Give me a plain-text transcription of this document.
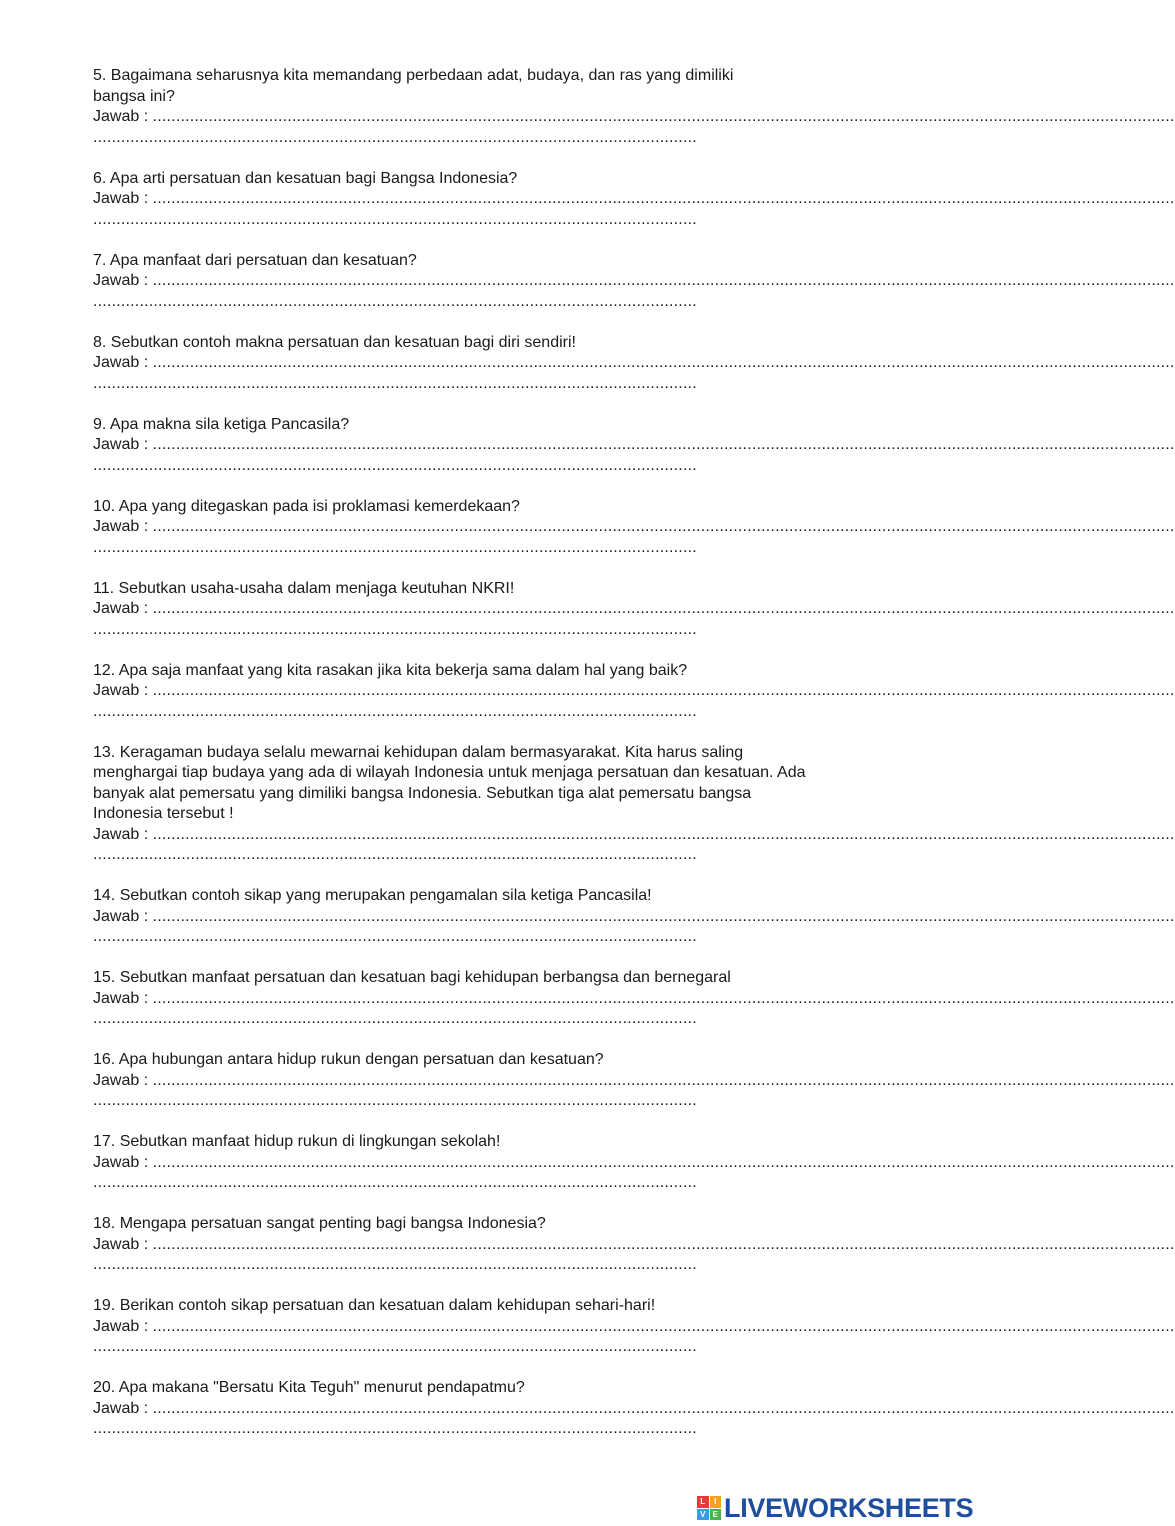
5. Bagaimana seharusnya kita memandang perbedaan adat, budaya, dan ras yang dimiliki
bangsa ini?
Jawab : ............................................................................................................................................................................................................................
..................................................................................................................................
6. Apa arti persatuan dan kesatuan bagi Bangsa Indonesia?
Jawab : ............................................................................................................................................................................................................................
..................................................................................................................................
7. Apa manfaat dari persatuan dan kesatuan?
Jawab : ............................................................................................................................................................................................................................
..................................................................................................................................
8. Sebutkan contoh makna persatuan dan kesatuan bagi diri sendiri!
Jawab : ............................................................................................................................................................................................................................
..................................................................................................................................
9. Apa makna sila ketiga Pancasila?
Jawab : ............................................................................................................................................................................................................................
..................................................................................................................................
10. Apa yang ditegaskan pada isi proklamasi kemerdekaan?
Jawab : ............................................................................................................................................................................................................................
..................................................................................................................................
11. Sebutkan usaha-usaha dalam menjaga keutuhan NKRI!
Jawab : ............................................................................................................................................................................................................................
..................................................................................................................................
12. Apa saja manfaat yang kita rasakan jika kita bekerja sama dalam hal yang baik?
Jawab : ............................................................................................................................................................................................................................
..................................................................................................................................
13. Keragaman budaya selalu mewarnai kehidupan dalam bermasyarakat. Kita harus saling
menghargai tiap budaya yang ada di wilayah Indonesia untuk menjaga persatuan dan kesatuan. Ada
banyak alat pemersatu yang dimiliki bangsa Indonesia. Sebutkan tiga alat pemersatu bangsa
Indonesia tersebut !
Jawab : ............................................................................................................................................................................................................................
..................................................................................................................................
14. Sebutkan contoh sikap yang merupakan pengamalan sila ketiga Pancasila!
Jawab : ............................................................................................................................................................................................................................
..................................................................................................................................
15. Sebutkan manfaat persatuan dan kesatuan bagi kehidupan berbangsa dan bernegaral
Jawab : ............................................................................................................................................................................................................................
..................................................................................................................................
16. Apa hubungan antara hidup rukun dengan persatuan dan kesatuan?
Jawab : ............................................................................................................................................................................................................................
..................................................................................................................................
17. Sebutkan manfaat hidup rukun di lingkungan sekolah!
Jawab : ............................................................................................................................................................................................................................
..................................................................................................................................
18. Mengapa persatuan sangat penting bagi bangsa Indonesia?
Jawab : ............................................................................................................................................................................................................................
..................................................................................................................................
19. Berikan contoh sikap persatuan dan kesatuan dalam kehidupan sehari-hari!
Jawab : ............................................................................................................................................................................................................................
..................................................................................................................................
20. Apa makana "Bersatu Kita Teguh" menurut pendapatmu?
Jawab : ............................................................................................................................................................................................................................
..................................................................................................................................
L	I
V E LIVEWORKSHEETS
